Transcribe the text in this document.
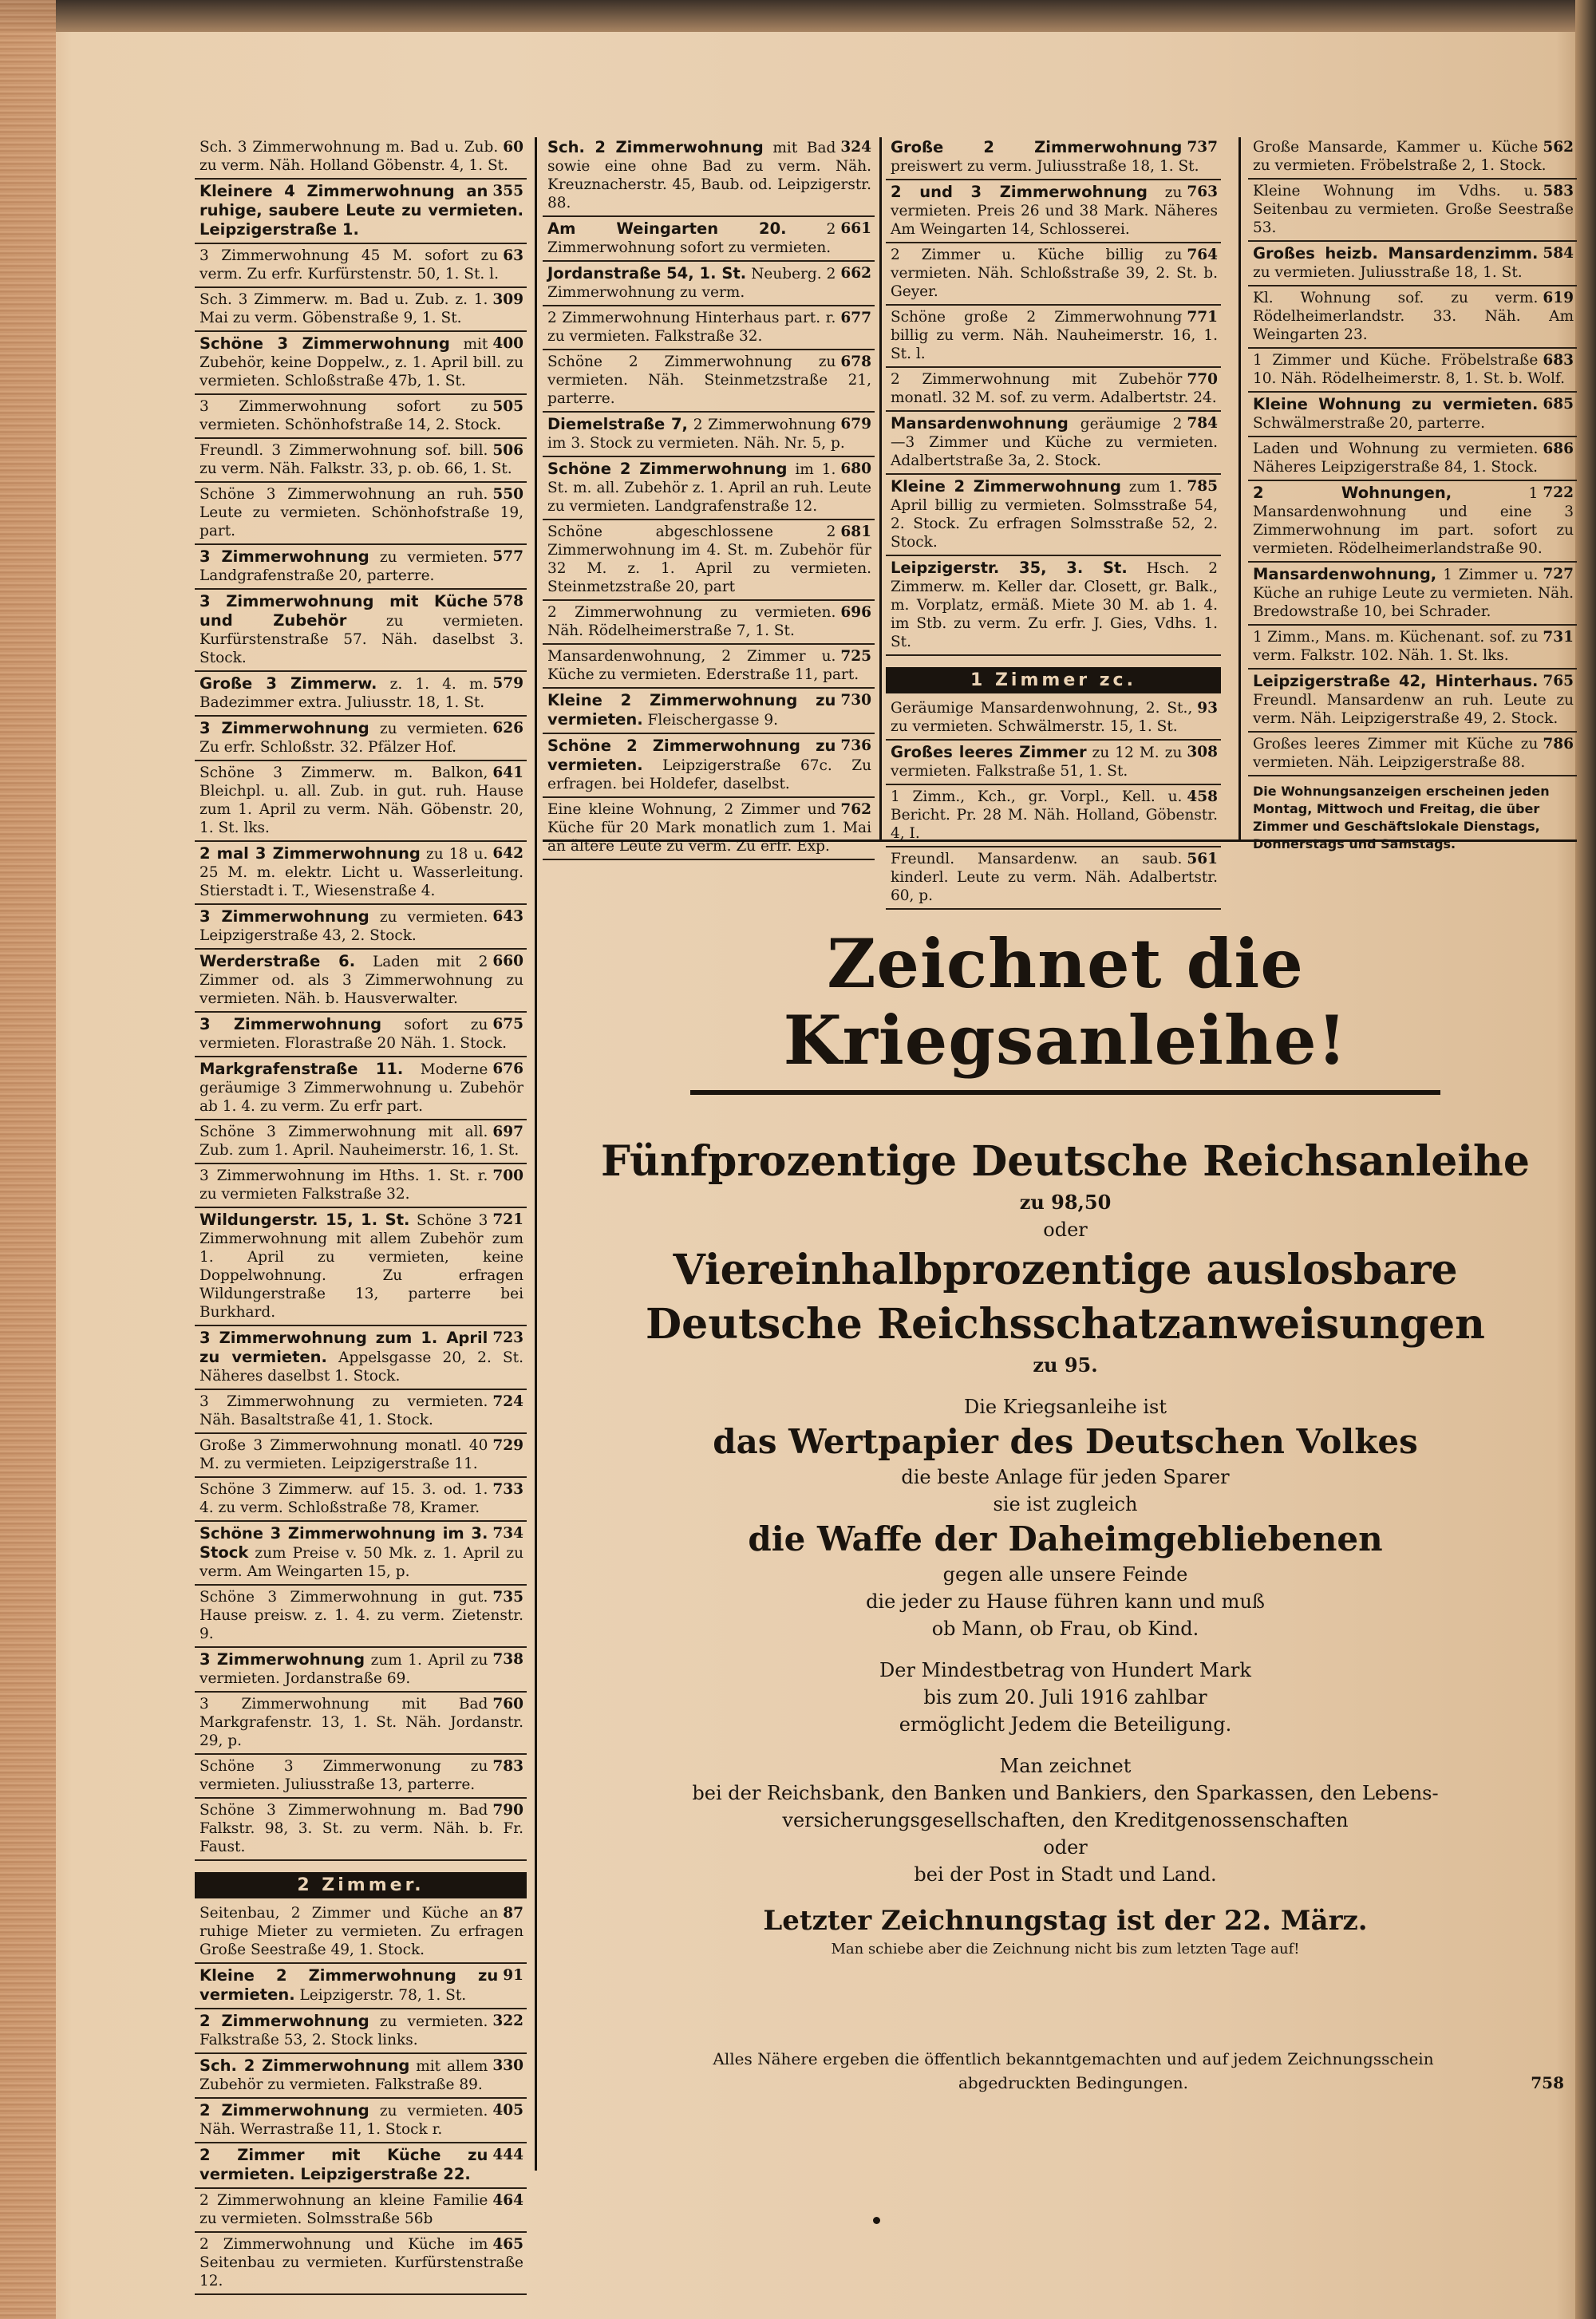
60
Sch. 3 Zimmerwohnung m. Bad u. Zub. zu verm. Näh. Holland Göbenstr. 4, 1. St.
355
Kleinere 4 Zimmerwohnung an ruhige, saubere Leute zu vermieten. Leipzigerstraße 1.
63
3 Zimmerwohnung 45 M. sofort zu verm. Zu erfr. Kurfürstenstr. 50, 1. St. l.
309
Sch. 3 Zimmerw. m. Bad u. Zub. z. 1. Mai zu verm. Göbenstraße 9, 1. St.
400
Schöne 3 Zimmerwohnung mit Zubehör, keine Doppelw., z. 1. April bill. zu vermieten. Schloßstraße 47b, 1. St.
505
3 Zimmerwohnung sofort zu vermieten. Schönhofstraße 14, 2. Stock.
506
Freundl. 3 Zimmerwohnung sof. bill. zu verm. Näh. Falkstr. 33, p. ob. 66, 1. St.
550
Schöne 3 Zimmerwohnung an ruh. Leute zu vermieten. Schönhofstraße 19, part.
577
3 Zimmerwohnung zu vermieten. Landgrafenstraße 20, parterre.
578
3 Zimmerwohnung mit Küche und Zubehör	zu vermieten. Kurfürstenstraße 57. Näh. daselbst 3. Stock.
579
Große 3 Zimmerw. z. 1. 4. m. Badezimmer extra. Juliusstr. 18, 1. St.
626
3 Zimmerwohnung zu vermieten. Zu erfr. Schloßstr. 32. Pfälzer Hof.
641
Schöne 3 Zimmerw. m. Balkon, Bleichpl. u. all. Zub. in gut. ruh. Hause zum 1. April zu verm. Näh. Göbenstr. 20, 1. St. lks.
642
2 mal 3 Zimmerwohnung zu 18 u. 25 M. m. elektr. Licht u. Wasserleitung. Stierstadt i. T., Wiesenstraße 4.
643
3 Zimmerwohnung zu vermieten. Leipzigerstraße 43, 2. Stock.
660
Werderstraße 6. Laden mit 2 Zimmer od. als 3 Zimmerwohnung zu vermieten. Näh. b. Hausverwalter.
675
3 Zimmerwohnung sofort zu vermieten. Florastraße 20 Näh. 1. Stock.
676
Markgrafenstraße 11. Moderne geräumige 3 Zimmerwohnung u. Zubehör ab 1. 4. zu verm. Zu erfr part.
697
Schöne 3 Zimmerwohnung mit all. Zub. zum 1. April. Nauheimerstr. 16, 1. St.
700
3 Zimmerwohnung im Hths. 1. St. r. zu vermieten Falkstraße 32.
721
Wildungerstr. 15, 1. St. Schöne 3 Zimmerwohnung mit allem Zubehör zum 1. April zu vermieten, keine Doppelwohnung. Zu erfragen Wildungerstraße 13, parterre bei Burkhard.
723
3 Zimmerwohnung zum 1. April zu vermieten. Appelsgasse 20, 2. St. Näheres daselbst 1. Stock.
724
3 Zimmerwohnung zu vermieten. Näh. Basaltstraße 41, 1. Stock.
729
Große 3 Zimmerwohnung monatl. 40 M. zu vermieten. Leipzigerstraße 11.
733
Schöne 3 Zimmerw. auf 15. 3. od. 1. 4. zu verm. Schloßstraße 78, Kramer.
734
Schöne 3 Zimmerwohnung im 3. Stock zum Preise v. 50 Mk. z. 1. April zu verm. Am Weingarten 15, p.
735
Schöne 3 Zimmerwohnung in gut. Hause preisw. z. 1. 4. zu verm. Zietenstr. 9.
738
3 Zimmerwohnung zum 1. April zu vermieten. Jordanstraße 69.
760
3 Zimmerwohnung mit Bad Markgrafenstr. 13, 1. St. Näh. Jordanstr. 29, p.
783
Schöne 3 Zimmerwonung zu vermieten. Juliusstraße 13, parterre.
790
Schöne 3 Zimmerwohnung m. Bad Falkstr. 98, 3. St. zu verm. Näh. b. Fr. Faust.
2 Zimmer.
87
Seitenbau, 2 Zimmer und Küche an ruhige Mieter zu vermieten. Zu erfragen Große Seestraße 49, 1. Stock.
91
Kleine 2 Zimmerwohnung zu vermieten. Leipzigerstr. 78, 1. St.
322
2 Zimmerwohnung zu vermieten. Falkstraße 53, 2. Stock links.
330
Sch. 2 Zimmerwohnung mit allem Zubehör zu vermieten. Falkstraße 89.
405
2 Zimmerwohnung zu vermieten. Näh. Werrastraße 11, 1. Stock r.
444
2 Zimmer mit Küche zu vermieten. Leipzigerstraße 22.
464
2 Zimmerwohnung an kleine Familie zu vermieten. Solmsstraße 56b
465
2 Zimmerwohnung und Küche im Seitenbau zu vermieten. Kurfürstenstraße 12.
324
Sch. 2 Zimmerwohnung mit Bad sowie eine ohne Bad zu verm. Näh. Kreuznacherstr. 45, Baub. od. Leipzigerstr. 88.
661
Am Weingarten 20.	2 Zimmerwohnung sofort zu vermieten.
662
Jordanstraße 54, 1. St. Neuberg. 2 Zimmerwohnung zu verm.
677
2 Zimmerwohnung Hinterhaus part. r. zu vermieten. Falkstraße 32.
678
Schöne 2 Zimmerwohnung zu vermieten. Näh. Steinmetzstraße 21, parterre.
679
Diemelstraße 7, 2 Zimmerwohnung im 3. Stock zu vermieten. Näh. Nr. 5, p.
680
Schöne 2 Zimmerwohnung im 1. St. m. all. Zubehör z. 1. April an ruh. Leute zu vermieten. Landgrafenstraße 12.
681
Schöne abgeschlossene 2 Zimmerwohnung im 4. St. m. Zubehör für 32 M. z. 1. April zu vermieten. Steinmetzstraße 20, part
696
2 Zimmerwohnung zu vermieten. Näh. Rödelheimerstraße 7, 1. St.
725
Mansardenwohnung, 2 Zimmer u. Küche zu vermieten. Ederstraße 11, part.
730
Kleine 2 Zimmerwohnung zu vermieten. Fleischergasse 9.
736
Schöne 2 Zimmerwohnung zu vermieten. Leipzigerstraße 67c. Zu erfragen. bei Holdefer, daselbst.
762
Eine kleine Wohnung, 2 Zimmer und Küche für 20 Mark monatlich zum 1. Mai an ältere Leute zu verm. Zu erfr. Exp.
737
Große 2 Zimmerwohnung preiswert zu verm. Juliusstraße 18, 1. St.
763
2 und 3 Zimmerwohnung zu vermieten. Preis 26 und 38 Mark. Näheres Am Weingarten 14, Schlosserei.
764
2 Zimmer u. Küche billig zu vermieten. Näh. Schloßstraße 39, 2. St. b. Geyer.
771
Schöne große 2 Zimmerwohnung billig zu verm. Näh. Nauheimerstr. 16, 1. St. l.
770
2 Zimmerwohnung mit Zubehör monatl. 32 M. sof. zu verm. Adalbertstr. 24.
784
Mansardenwohnung geräumige 2—3 Zimmer und Küche zu vermieten. Adalbertstraße 3a, 2. Stock.
785
Kleine 2 Zimmerwohnung zum 1. April billig zu vermieten. Solmsstraße 54, 2. Stock. Zu erfragen Solmsstraße 52, 2. Stock.
Leipzigerstr. 35, 3. St. Hsch. 2 Zimmerw. m. Keller dar. Closett, gr. Balk., m. Vorplatz, ermäß. Miete 30 M. ab 1. 4. im Stb. zu verm. Zu erfr. J. Gies, Vdhs. 1. St.
1 Zimmer zc.
93
Geräumige Mansardenwohnung, 2. St., zu vermieten. Schwälmerstr. 15, 1. St.
308
Großes leeres Zimmer zu 12 M. zu vermieten. Falkstraße 51, 1. St.
458
1 Zimm., Kch., gr. Vorpl., Kell. u. Bericht. Pr. 28 M. Näh. Holland, Göbenstr. 4, I.
561
Freundl. Mansardenw. an saub. kinderl. Leute zu verm. Näh. Adalbertstr. 60, p.
562
Große Mansarde, Kammer u. Küche zu vermieten. Fröbelstraße 2, 1. Stock.
583
Kleine Wohnung im Vdhs. u. Seitenbau zu vermieten. Große Seestraße 53.
584
Großes heizb. Mansardenzimm. zu vermieten. Juliusstraße 18, 1. St.
619
Kl. Wohnung sof. zu verm. Rödelheimerlandstr. 33. Näh. Am Weingarten 23.
683
1 Zimmer und Küche. Fröbelstraße 10. Näh. Rödelheimerstr. 8, 1. St. b. Wolf.
685
Kleine Wohnung zu vermieten. Schwälmerstraße 20, parterre.
686
Laden und Wohnung zu vermieten. Näheres Leipzigerstraße 84, 1. Stock.
722
2 Wohnungen,	1 Mansardenwohnung und eine 3 Zimmerwohnung im part. sofort zu vermieten. Rödelheimerlandstraße 90.
727
Mansardenwohnung, 1 Zimmer u. Küche an ruhige Leute zu vermieten. Näh. Bredowstraße 10, bei Schrader.
731
1 Zimm., Mans. m. Küchenant. sof. zu verm. Falkstr. 102. Näh. 1. St. lks.
765
Leipzigerstraße 42, Hinterhaus. Freundl. Mansardenw an ruh. Leute zu verm. Näh. Leipzigerstraße 49, 2. Stock.
786
Großes leeres Zimmer mit Küche zu vermieten. Näh. Leipzigerstraße 88.
Die Wohnungsanzeigen erscheinen jeden Montag, Mittwoch und Freitag, die über Zimmer und Geschäftslokale Dienstags, Donnerstags und Samstags.
Zeichnet die Kriegsanleihe!
Fünfprozentige Deutsche Reichsanleihe
zu 98,50
oder
Viereinhalbprozentige auslosbare
Deutsche Reichsschatzanweisungen
zu 95.
Die Kriegsanleihe ist
das Wertpapier des Deutschen Volkes
die beste Anlage für jeden Sparer
sie ist zugleich
die Waffe der Daheimgebliebenen
gegen alle unsere Feinde
die jeder zu Hause führen kann und muß
ob Mann, ob Frau, ob Kind.
Der Mindestbetrag von Hundert Mark
bis zum 20. Juli 1916 zahlbar
ermöglicht Jedem die Beteiligung.
Man zeichnet
bei der Reichsbank, den Banken und Bankiers, den Sparkassen, den Lebens-
versicherungsgesellschaften, den Kreditgenossenschaften
oder
bei der Post in Stadt und Land.
Letzter Zeichnungstag ist der 22. März.
Man schiebe aber die Zeichnung nicht bis zum letzten Tage auf!
Alles Nähere ergeben die öffentlich bekanntgemachten und auf jedem Zeichnungsschein
abgedruckten Bedingungen.	758
